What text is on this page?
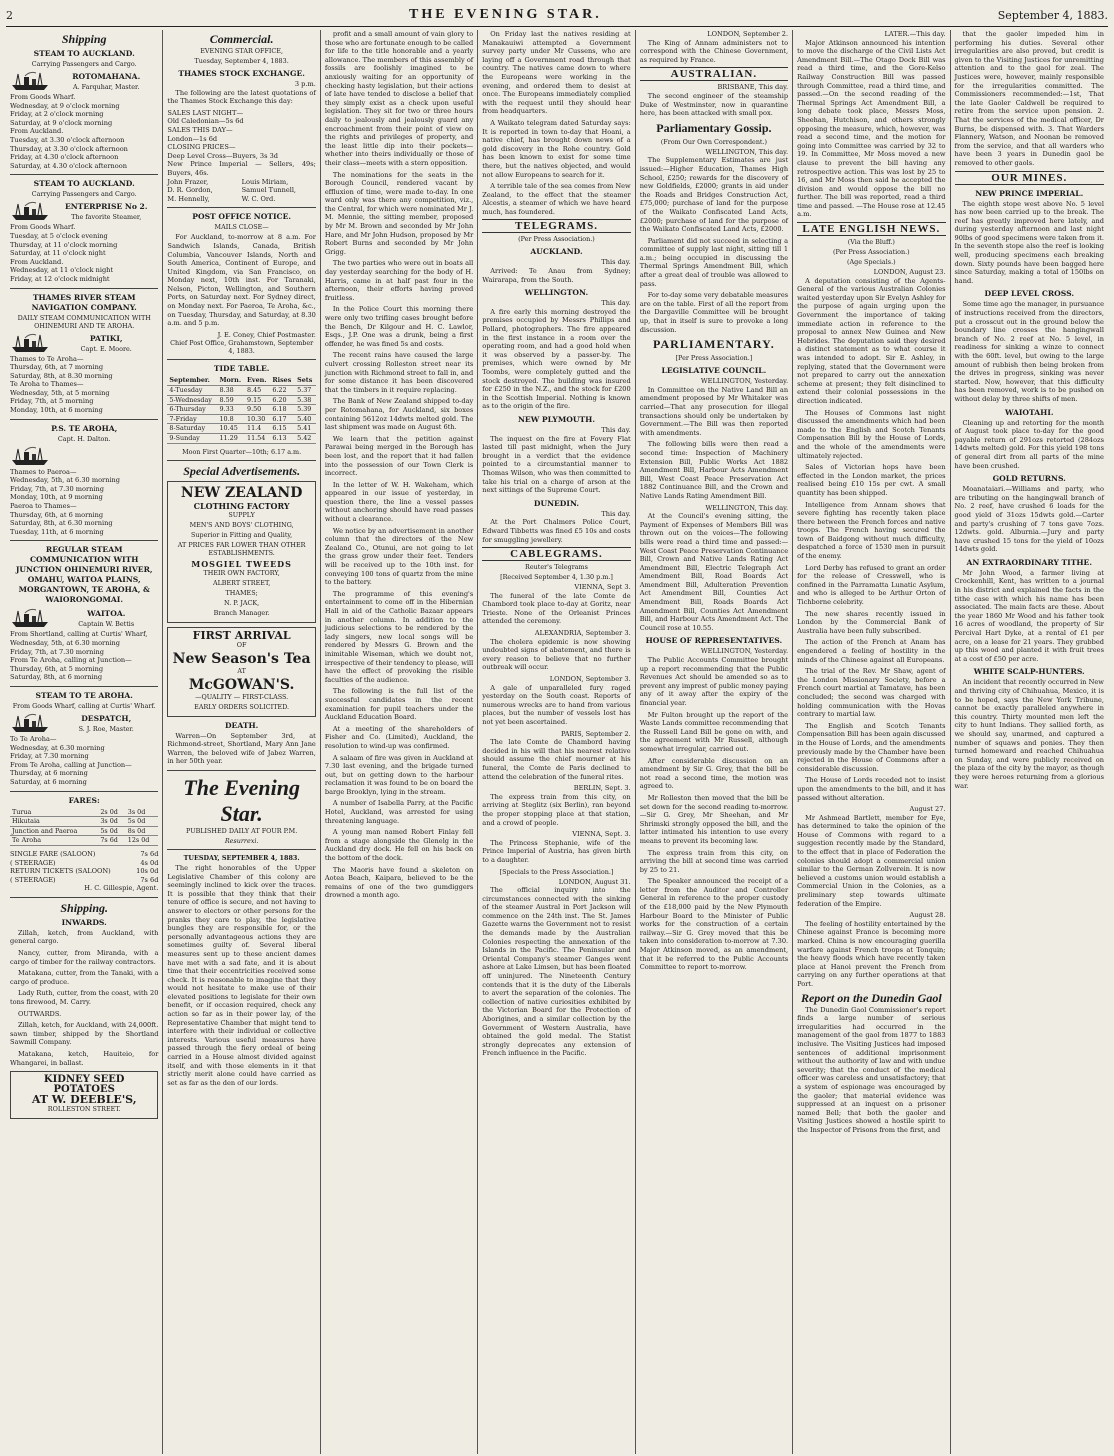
2	THE EVENING STAR.	September 4, 1883.
Shipping
STEAM TO AUCKLAND.
Carrying Passengers and Cargo.
ROTOMAHANA.
A. Farquhar, Master.
From Goods Wharf.
Wednesday, at 9 o'clock morning
Friday, at 2 o'clock morning
Saturday, at 9 o'clock morning
From Auckland.
Tuesday, at 3.30 o'clock afternoon
Thursday, at 3.30 o'clock afternoon
Friday, at 4.30 o'clock afternoon
Saturday, at 4.30 o'clock afternoon
STEAM TO AUCKLAND.
Carrying Passengers and Cargo.
ENTERPRISE No 2.
The favorite Steamer,
From Goods Wharf.
Tuesday, at 5 o'clock evening
Thursday, at 11 o'clock morning
Saturday, at 11 o'clock night
From Auckland.
Wednesday, at 11 o'clock night
Friday, at 12 o'clock midnight
THAMES RIVER STEAM NAVIGATION COMPANY.
DAILY STEAM COMMUNICATION WITH OHINEMURI AND TE AROHA.
PATIKI,
Capt. E. Moore.
Thames to Te Aroha—
Thursday, 6th, at 7 morning
Saturday, 8th, at 8.30 morning
Te Aroha to Thames—
Wednesday, 5th, at 5 morning
Friday, 7th, at 5 morning
Monday, 10th, at 6 morning
P.S. TE AROHA,
Capt. H. Dalton.
Thames to Paeroa—
Wednesday, 5th, at 6.30 morning
Friday, 7th, at 7.30 morning
Monday, 10th, at 9 morning
Paeroa to Thames—
Thursday, 6th, at 6 morning
Saturday, 8th, at 6.30 morning
Tuesday, 11th, at 6 morning
REGULAR STEAM COMMUNICATION WITH JUNCTION OHINEMURI RIVER, OMAHU, WAITOA PLAINS, MORGANTOWN, TE AROHA, & WAIORONGOMAI.
WAITOA.
Captain W. Bettis
From Shortland, calling at Curtis' Wharf,
Wednesday, 5th, at 6.30 morning
Friday, 7th, at 7.30 morning
From Te Aroha, calling at Junction—
Thursday, 6th, at 5 morning
Saturday, 8th, at 6 morning
STEAM TO TE AROHA.
From Goods Wharf, calling at Curtis' Wharf.
DESPATCH,
S. J. Roe, Master.
To Te Aroha—
Wednesday, at 6.30 morning
Friday, at 7.30 morning
From Te Aroha, calling at Junction—
Thursday, at 6 morning
Saturday, at 6 morning
FARES:
Turua	2s 0d	3s 0d
Hikutaia	3s 0d	5s 0d
Junction and Paeroa	5s 0d	8s 0d
Te Aroha	7s 6d	12s 0d
SINGLE FARE (SALOON)	7s 6d
( STEERAGE)	4s 0d
RETURN TICKETS (SALOON)	10s 0d
( STEERAGE)	7s 6d
H. C. Gillespie, Agent.
Shipping.
INWARDS.

Zillah, ketch, from Auckland, with general cargo.

Nancy, cutter, from Miranda, with a cargo of timber for the railway contractors.

Matakana, cutter, from the Tanaki, with a cargo of produce.

Lady Ruth, cutter, from the coast, with 20 tons firewood, M. Carry.

OUTWARDS.

Zillah, ketch, for Auckland, with 24,000ft. sawn timber, shipped by the Shortland Sawmill Company.

Matakana, ketch, Hauiteio, for Whangarei, in ballast.

KIDNEY SEED POTATOES
AT W. DEEBLE'S,
ROLLESTON STREET.
Commercial.
EVENING STAR OFFICE,
Tuesday, September 4, 1883.
THAMES STOCK EXCHANGE.
3 p.m.

The following are the latest quotations of the Thames Stock Exchange this day:

SALES LAST NIGHT—
Old Caledonian—5s 6d
SALES THIS DAY—
London—1s 6d
CLOSING PRICES—
Deep Level Cross—Buyers, 3s 3d
New Prince Imperial — Sellers, 49s; Buyers, 46s.
John Frazer,	Louis Miriam,
D. R. Gordon,	Samuel Tunnell,
M. Hennelly,	W. C. Ord.
POST OFFICE NOTICE.
MAILS CLOSE—

For Auckland, to-morrow at 8 a.m. For Sandwich Islands, Canada, British Columbia, Vancouver Islands, North and South America, Continent of Europe, and United Kingdom, via San Francisco, on Monday next, 10th inst. For Taranaki, Nelson, Picton, Wellington, and Southern Ports, on Saturday next. For Sydney direct, on Monday next. For Paeroa, Te Aroha, &c., on Tuesday, Thursday, and Saturday, at 8.30 a.m. and 5 p.m.

J. E. Coney, Chief Postmaster.
Chief Post Office, Grahamstown, September 4, 1883.
TIDE TABLE.
September.	Morn.	Even.	Rises	Sets
4-Tuesday	8.38	8.45	6.22	5.37
5-Wednesday	8.59	9.15	6.20	5.38
6-Thursday	9.33	9.50	6.18	5.39
7-Friday	10.8	10.30	6.17	5.40
8-Saturday	10.45	11.4	6.15	5.41
9-Sunday	11.29	11.54	6.13	5.42
Moon First Quarter—10th; 6.17 a.m.
Special Advertisements.
NEW ZEALAND
CLOTHING FACTORY
SUPPLY
MEN'S AND BOYS' CLOTHING,
Superior in Fitting and Quality,
AT PRICES FAR LOWER THAN OTHER ESTABLISHMENTS.
MOSGIEL TWEEDS
THEIR OWN FACTORY,
ALBERT STREET,
THAMES;
N. P. JACK,
Branch Manager.
FIRST ARRIVAL
OF
New Season's Tea
AT
McGOWAN'S.
—QUALITY — FIRST-CLASS.
EARLY ORDERS SOLICITED.
DEATH.

Warren—On September 3rd, at Richmond-street, Shortland, Mary Ann Jane Warren, the beloved wife of Jabez Warren, in her 50th year.

The Evening Star.
PUBLISHED DAILY AT FOUR P.M.
Resurrexi.
TUESDAY, SEPTEMBER 4, 1883.

The right honorables of the Upper Legislative Chamber of this colony are seemingly inclined to kick over the traces. It is possible that they think that their tenure of office is secure, and not having to answer to electors or other persons for the pranks they care to play, the legislative bungles they are responsible for, or the personally advantageous actions they are sometimes guilty of. Several liberal measures sent up to these ancient dames have met with a sad fate, and it is about time that their eccentricities received some check. It is reasonable to imagine that they would not hesitate to make use of their elevated positions to legislate for their own benefit, or if occasion required, check any action so far as in their power lay, of the Representative Chamber that might tend to interfere with their individual or collective interests. Various useful measures have passed through the fiery ordeal of being carried in a House almost divided against itself, and with those elements in it that strictly merit alone could have carried as set as far as the den of our lords.

profit and a small amount of vain glory to those who are fortunate enough to be called for life to the title honorable and a yearly allowance. The members of this assembly of fossils are foolishly imagined to be anxiously waiting for an opportunity of checking hasty legislation, but their actions of late have tended to disclose a belief that they simply exist as a check upon useful legislation. They sit for two or three hours daily to jealously and jealously guard any encroachment from their point of view on the rights and privileges of property, and the least little dip into their pockets—whether into theirs individually or those of their class—meets with a stern opposition.

The nominations for the seats in the Borough Council, rendered vacant by effluxion of time, were made to-day. In one ward only was there any competition, viz., the Central, for which were nominated Mr J. M. Mennie, the sitting member, proposed by Mr M. Brown and seconded by Mr John Hare, and Mr John Hudson, proposed by Mr Robert Burns and seconded by Mr John Grigg.

The two parties who were out in boats all day yesterday searching for the body of H. Harris, came in at half past four in the afternoon, their efforts having proved fruitless.

In the Police Court this morning there were only two trifling cases brought before the Bench, Dr Kilgour and H. C. Lawlor, Esqs., J.P. One was a drunk, being a first offender, he was fined 5s and costs.

The recent rains have caused the large culvert crossing Rolleston street near its junction with Richmond street to fall in, and for some distance it has been discovered that the timbers in it require replacing.

The Bank of New Zealand shipped to-day per Rotomahana, for Auckland, six boxes containing 5612oz 14dwts melted gold. The last shipment was made on August 6th.

We learn that the petition against Parawai being merged in the Borough has been lost, and the report that it had fallen into the possession of our Town Clerk is incorrect.

In the letter of W. H. Wakeham, which appeared in our issue of yesterday, in question there, the line a vessel passes without anchoring should have read passes without a clearance.

We notice by an advertisement in another column that the directors of the New Zealand Co., Otunui, are not going to let the grass grow under their feet. Tenders will be received up to the 10th inst. for conveying 100 tons of quartz from the mine to the battery.

The programme of this evening's entertainment to come off in the Hibernian Hall in aid of the Catholic Bazaar appears in another column. In addition to the judicious selections to be rendered by the lady singers, new local songs will be rendered by Messrs G. Brown and the inimitable Wiseman, which we doubt not, irrespective of their tendency to please, will have the effect of provoking the risible faculties of the audience.

The following is the full list of the successful candidates in the recent examination for pupil teachers under the Auckland Education Board.

At a meeting of the shareholders of Fisher and Co. (Limited), Auckland, the resolution to wind-up was confirmed.

A salaam of fire was given in Auckland at 7.30 last evening, and the brigade turned out, but on getting down to the harbour reclamation it was found to be on board the barge Brooklyn, lying in the stream.

A number of Isabella Parry, at the Pacific Hotel, Auckland, was arrested for using threatening language.

A young man named Robert Finlay fell from a stage alongside the Glenelg in the Auckland dry dock. He fell on his back on the bottom of the dock.

The Maoris have found a skeleton on Aotea Beach, Kaipara, believed to be the remains of one of the two gumdiggers drowned a month ago.

On Friday last the natives residing at Manakauiwi attempted a Government survey party under Mr Cussens, who are laying off a Government road through that country. The natives came down to where the Europeans were working in the evening, and ordered them to desist at once. The Europeans immediately complied with the request until they should hear from headquarters.

A Waikato telegram dated Saturday says: It is reported in town to-day that Hoani, a native chief, has brought down news of a gold discovery in the Rohe country. Gold has been known to exist for some time there, but the natives objected, and would not allow Europeans to search for it.

A terrible tale of the sea comes from New Zealand, to the effect that the steamer Alcestis, a steamer of which we have heard much, has foundered.

TELEGRAMS.
(Per Press Association.)
AUCKLAND.
This day.

Arrived: Te Anau from Sydney; Wairarapa, from the South.

WELLINGTON.
This day.

A fire early this morning destroyed the premises occupied by Messrs Phillips and Pollard, photographers. The fire appeared in the first instance in a room over the operating room, and had a good hold when it was observed by a passer-by. The premises, which were owned by Mr Toombs, were completely gutted and the stock destroyed. The building was insured for £250 in the N.Z., and the stock for £200 in the Scottish Imperial. Nothing is known as to the origin of the fire.

NEW PLYMOUTH.
This day.

The inquest on the fire at Fovery Flat lasted till past midnight, when the Jury brought in a verdict that the evidence pointed to a circumstantial manner to Thomas Wilson, who was then committed to take his trial on a charge of arson at the next sittings of the Supreme Court.

DUNEDIN.
This day.

At the Port Chalmers Police Court, Edward Tibbetts was fined £5 10s and costs for smuggling jewellery.

CABLEGRAMS.
Reuter's Telegrams
[Received September 4, 1.30 p.m.]
VIENNA, Sept 3.

The funeral of the late Comte de Chambord took place to-day at Goritz, near Trieste. None of the Orleanist Princes attended the ceremony.

ALEXANDRIA, September 3.

The cholera epidemic is now showing undoubted signs of abatement, and there is every reason to believe that no further outbreak will occur.

LONDON, September 3.

A gale of unparalleled fury raged yesterday on the South coast. Reports of numerous wrecks are to hand from various places, but the number of vessels lost has not yet been ascertained.

PARIS, September 2.

The late Comte de Chambord having decided in his will that his nearest relative should assume the chief mourner at his funeral, the Comte de Paris declined to attend the celebration of the funeral rites.

BERLIN, Sept. 3.

The express train from this city, on arriving at Steglitz (six Berlin), ran beyond the proper stopping place at that station, and a crowd of people.

VIENNA, Sept. 3.

The Princess Stephanie, wife of the Prince Imperial of Austria, has given birth to a daughter.

[Specials to the Press Association.]
LONDON, August 31.

The official inquiry into the circumstances connected with the sinking of the steamer Austral in Port Jackson will commence on the 24th inst. The St. James Gazette warns the Government not to resist the demands made by the Australian Colonies respecting the annexation of the Islands in the Pacific. The Peninsular and Oriental Company's steamer Ganges went ashore at Lake Limsen, but has been floated off uninjured. The Nineteenth Century contends that it is the duty of the Liberals to avert the separation of the colonies. The collection of native curiosities exhibited by the Victorian Board for the Protection of Aborigines, and a similar collection by the Government of Western Australia, have obtained the gold medal. The Statist strongly deprecates any extension of French influence in the Pacific.

LONDON, September 2.

The King of Annam administers not to correspond with the Chinese Government, as required by France.

AUSTRALIAN.
BRISBANE, This day.

The second engineer of the steamship Duke of Westminster, now in quarantine here, has been attacked with small pox.

Parliamentary Gossip.
(From Our Own Correspondent.)
WELLINGTON, This day.

The Supplementary Estimates are just issued:—Higher Education, Thames High School, £250; rewards for the discovery of new Goldfields, £2000; grants in aid under the Roads and Bridges Construction Act, £75,000; purchase of land for the purpose of the Waikato Confiscated Land Acts, £2000; purchase of land for the purpose of the Waikato Confiscated Land Acts, £2000.

Parliament did not succeed in selecting a committee of supply last night, sitting till 1 a.m.; being occupied in discussing the Thermal Springs Amendment Bill, which after a great deal of trouble was allowed to pass.

For to-day some very debatable measures are on the table. First of all the report from the Dargaville Committee will be brought up, that in itself is sure to provoke a long discussion.

PARLIAMENTARY.
[Per Press Association.]
LEGISLATIVE COUNCIL.
WELLINGTON, Yesterday.

In Committee on the Native Land Bill an amendment proposed by Mr Whitaker was carried—That any prosecution for illegal transactions should only be undertaken by Government.—The Bill was then reported with amendments.

The following bills were then read a second time: Inspection of Machinery Extension Bill, Public Works Act 1882 Amendment Bill, Harbour Acts Amendment Bill, West Coast Peace Preservation Act 1882 Continuance Bill, and the Crown and Native Lands Rating Amendment Bill.

WELLINGTON, This day.

At the Council's evening sitting, the Payment of Expenses of Members Bill was thrown out on the voices—The following bills were read a third time and passed:—West Coast Peace Preservation Continuance Bill, Crown and Native Lands Rating Act Amendment Bill, Electric Telegraph Act Amendment Bill, Road Boards Act Amendment Bill, Adulteration Prevention Act Amendment Bill, Counties Act Amendment Bill, Roads Boards Act Amendment Bill, Counties Act Amendment Bill, and Harbour Acts Amendment Act. The Council rose at 10.55.

HOUSE OF REPRESENTATIVES.
WELLINGTON, Yesterday.

The Public Accounts Committee brought up a report recommending that the Public Revenues Act should be amended so as to prevent any imprest of public money paying any of it away after the expiry of the financial year.

Mr Fulton brought up the report of the Waste Lands committee recommending that the Russell Land Bill be gone on with, and the agreement with Mr Russell, although somewhat irregular, carried out.

After considerable discussion on an amendment by Sir G. Grey, that the bill be not read a second time, the motion was agreed to.

Mr Rolleston then moved that the bill be set down for the second reading to-morrow.—Sir G. Grey, Mr Sheehan, and Mr Shrimski strongly opposed the bill, and the latter intimated his intention to use every means to prevent its becoming law.

The express train from this city, on arriving the bill at second time was carried by 25 to 21.

The Speaker announced the receipt of a letter from the Auditor and Controller General in reference to the proper custody of the £18,000 paid by the New Plymouth Harbour Board to the Minister of Public works for the construction of a certain railway.—Sir G. Grey moved that this be taken into consideration to-morrow at 7.30. Major Atkinson moved, as an amendment, that it be referred to the Public Accounts Committee to report to-morrow.

LATER.—This day.

Major Atkinson announced his intention to move the discharge of the Civil Lists Act Amendment Bill.—The Otago Dock Bill was read a third time, and the Gore-Kelso Railway Construction Bill was passed through Committee, read a third time, and passed.—On the second reading of the Thermal Springs Act Amendment Bill, a long debate took place, Messrs Moss, Sheehan, Hutchison, and others strongly opposing the measure, which, however, was read a second time, and the motion for going into Committee was carried by 32 to 19. In Committee, Mr Moss moved a new clause to prevent the bill having any retrospective action. This was lost by 25 to 16, and Mr Moss then said he accepted the division and would oppose the bill no further. The bill was reported, read a third time and passed. —The House rose at 12.45 a.m.

LATE ENGLISH NEWS.
(Via the Bluff.)
(Per Press Association.)
(Age Specials.)
LONDON, August 23.

A deputation consisting of the Agents-General of the various Australian Colonies waited yesterday upon Sir Evelyn Ashley for the purpose of again urging upon the Government the importance of taking immediate action in reference to the proposal to annex New Guinea and New Hebrides. The deputation said they desired a distinct statement as to what course it was intended to adopt. Sir E. Ashley, in replying, stated that the Government were not prepared to carry out the annexation scheme at present; they felt disinclined to extend their colonial possessions in the direction indicated.

The Houses of Commons last night discussed the amendments which had been made to the English and Scotch Tenants Compensation Bill by the House of Lords, and the whole of the amendments were ultimately rejected.

Sales of Victorian hops have been effected in the London market, the prices realised being £10 15s per cwt. A small quantity has been shipped.

Intelligence from Annam shows that severe fighting has recently taken place there between the French forces and native troops. The French having secured the town of Baidgong without much difficulty, despatched a force of 1530 men in pursuit of the enemy.

Lord Derby has refused to grant an order for the release of Cresswell, who is confined in the Parramatta Lunatic Asylum, and who is alleged to be Arthur Orton of Tichborne celebrity.

The new shares recently issued in London by the Commercial Bank of Australia have been fully subscribed.

The action of the French at Anam has engendered a feeling of hostility in the minds of the Chinese against all Europeans.

The trial of the Rev. Mr Shaw, agent of the London Missionary Society, before a French court martial at Tamatave, has been concluded; the second was charged with holding communication with the Hovas contrary to martial law.

The English and Scotch Tenants Compensation Bill has been again discussed in the House of Lords, and the amendments previously made by the Chamber have been rejected in the House of Commons after a considerable discussion.

The House of Lords receded not to insist upon the amendments to the bill, and it has passed without alteration.

August 27.

Mr Ashmead Bartlett, member for Eye, has determined to take the opinion of the House of Commons with regard to a suggestion recently made by the Standard, to the effect that in place of Federation the colonies should adopt a commercial union similar to the German Zollverein. It is now believed a customs union would establish a Commercial Union in the Colonies, as a preliminary step towards ultimate federation of the Empire.

August 28.

The feeling of hostility entertained by the Chinese against France is becoming more marked. China is now encouraging guerilla warfare against French troops at Tonquin; the heavy floods which have recently taken place at Hanoi prevent the French from carrying on any further operations at that Port.

Report on the Dunedin Gaol

The Dunedin Gaol Commissioner's report finds a large number of serious irregularities had occurred in the management of the gaol from 1877 to 1883 inclusive. The Visiting Justices had imposed sentences of additional imprisonment without the authority of law and with undue severity; that the conduct of the medical officer was careless and unsatisfactory; that a system of espionage was encouraged by the gaoler; that material evidence was suppressed at an inquest on a prisoner named Bell; that both the gaoler and Visiting Justices showed a hostile spirit to the Inspector of Prisons from the first, and

that the gaoler impeded him in performing his duties. Several other irregularities are also proved, but credit is given to the Visiting Justices for unremitting attention and to the gaol for zeal. The Justices were, however, mainly responsible for the irregularities committed. The Commissioners recommended:—1st, That the late Gaoler Caldwell be required to retire from the service upon pension. 2. That the services of the medical officer, Dr Burns, be dispensed with. 3. That Warders Flannery, Watson, and Noonan be removed from the service, and that all warders who have been 3 years in Dunedin gaol be removed to other gaols.

OUR MINES.
NEW PRINCE IMPERIAL.

The eighth stope west above No. 5 level has now been carried up to the break. The reef has greatly improved here lately, and during yesterday afternoon and last night 90lbs of good specimens were taken from it. In the seventh stope also the reef is looking well, producing specimens each breaking down. Sixty pounds have been bagged here since Saturday, making a total of 150lbs on hand.

DEEP LEVEL CROSS.

Some time ago the manager, in pursuance of instructions received from the directors, put a crosscut out in the ground below the boundary line crosses the hangingwall branch of No. 2 reef at No. 5 level, in readiness for sinking a winze to connect with the 60ft. level, but owing to the large amount of rubbish then being broken from the drives in progress, sinking was never started. Now, however, that this difficulty has been removed, work is to be pushed on without delay by three shifts of men.

WAIOTAHI.

Cleaning up and retorting for the month of August took place to-day for the good payable return of 291ozs retorted (284ozs 14dwts melted) gold. For this yield 198 tons of general dirt from all parts of the mine have been crushed.

GOLD RETURNS.

Moanataiari.—Williams and party, who are tributing on the hangingwall branch of No. 2 reef, have crushed 6 loads for the good yield of 31ozs 15dwts gold.—Carter and party's crushing of 7 tons gave 7ozs. 12dwts. gold. Alburnia.—Jury and party have crushed 15 tons for the yield of 10ozs 14dwts gold.

AN EXTRAORDINARY TITHE.

Mr John Wood, a farmer living at Crockenhill, Kent, has written to a journal in his district and explained the facts in the tithe case with which his name has been associated. The main facts are these. About the year 1860 Mr Wood and his father took 16 acres of woodland, the property of Sir Percival Hart Dyke, at a rental of £1 per acre, on a lease for 21 years. They grubbed up this wood and planted it with fruit trees at a cost of £50 per acre.

WHITE SCALP-HUNTERS.

An incident that recently occurred in New and thriving city of Chihuahua, Mexico, it is to be hoped, says the New York Tribune, cannot be exactly paralleled anywhere in this country. Thirty mounted men left the city to hunt Indians. They sallied forth, as we should say, unarmed, and captured a number of squaws and ponies. They then turned homeward and reached Chihuahua on Sunday, and were publicly received on the plaza of the city by the mayor, as though they were heroes returning from a glorious war.
